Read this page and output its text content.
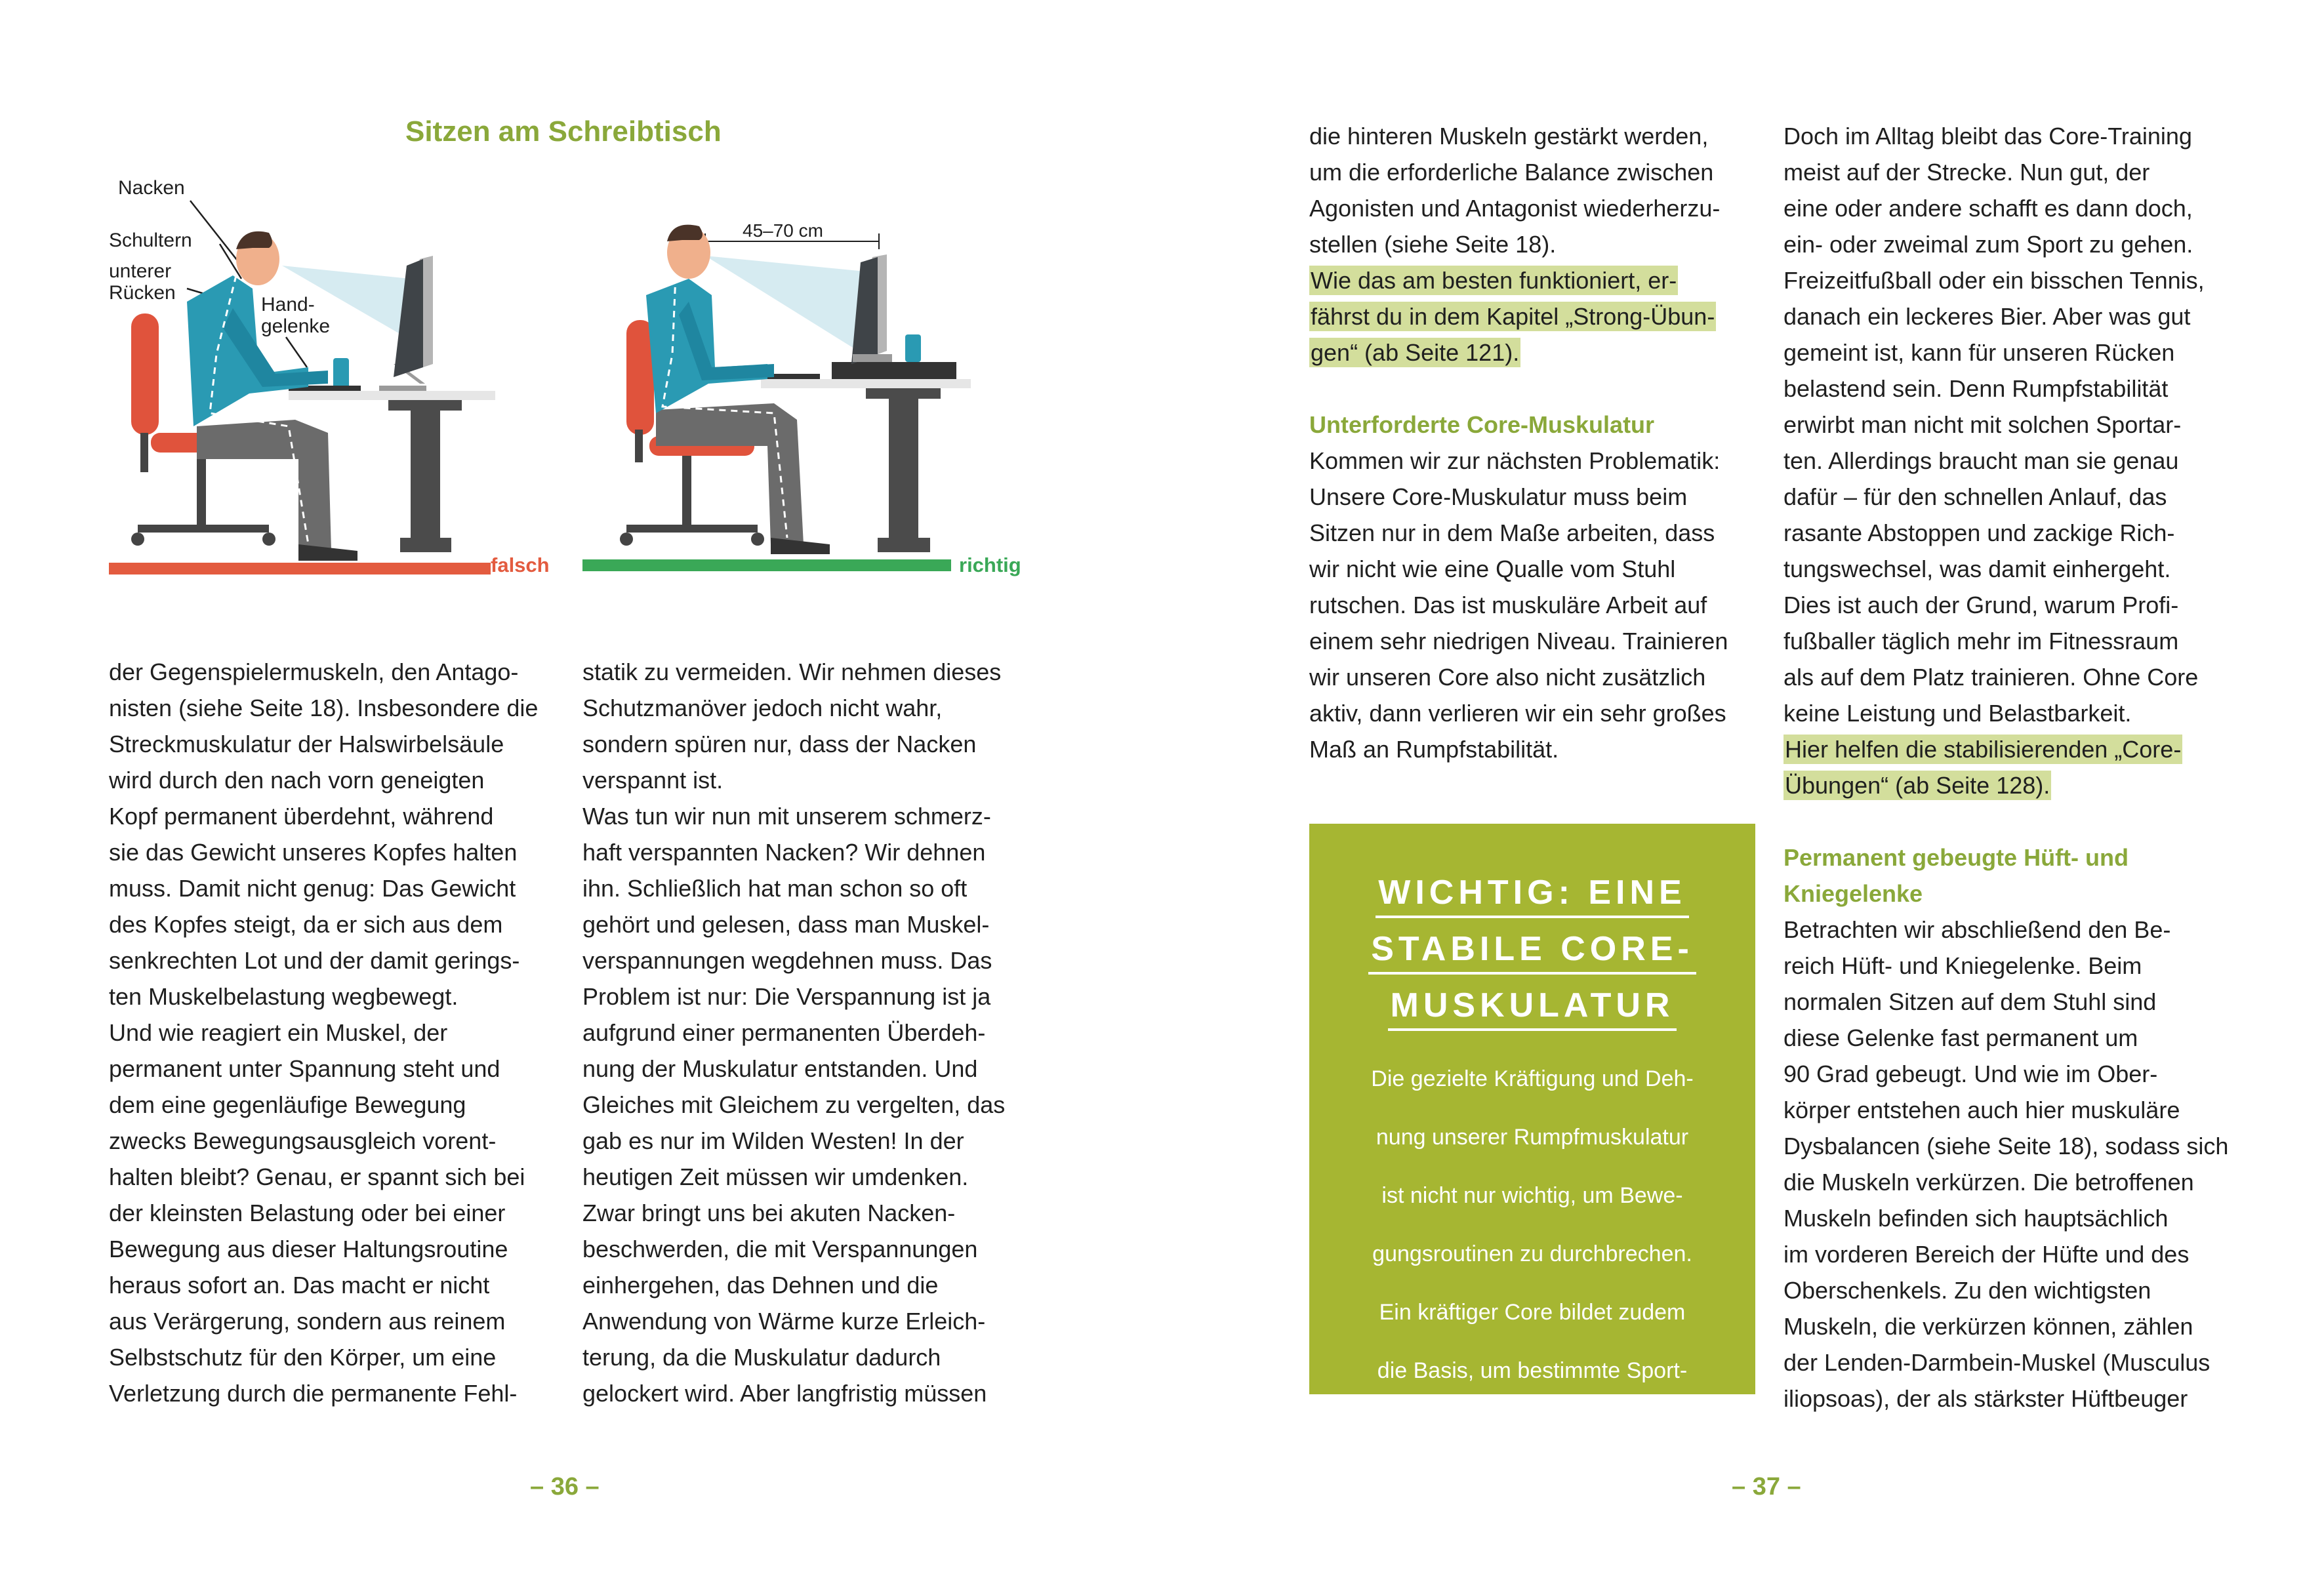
Sitzen am Schreibtisch
Nacken
Schultern
unterer
Rücken
Hand-
gelenke
45–70 cm
falsch	richtig

der Gegenspielermuskeln, den Antago-

nisten (siehe Seite 18). Insbesondere die

Streckmuskulatur der Halswirbelsäule

wird durch den nach vorn geneigten

Kopf permanent überdehnt, während

sie das Gewicht unseres Kopfes halten

muss. Damit nicht genug: Das Gewicht

des Kopfes steigt, da er sich aus dem

senkrechten Lot und der damit gerings-

ten Muskelbelastung wegbewegt.

Und wie reagiert ein Muskel, der

permanent unter Spannung steht und

dem eine gegenläufige Bewegung

zwecks Bewegungsausgleich vorent-

halten bleibt? Genau, er spannt sich bei

der kleinsten Belastung oder bei einer

Bewegung aus dieser Haltungsroutine

heraus sofort an. Das macht er nicht

aus Verärgerung, sondern aus reinem

Selbstschutz für den Körper, um eine

Verletzung durch die permanente Fehl-

statik zu vermeiden. Wir nehmen dieses

Schutzmanöver jedoch nicht wahr,

sondern spüren nur, dass der Nacken

verspannt ist.

Was tun wir nun mit unserem schmerz-

haft verspannten Nacken? Wir dehnen

ihn. Schließlich hat man schon so oft

gehört und gelesen, dass man Muskel-

verspannungen wegdehnen muss. Das

Problem ist nur: Die Verspannung ist ja

aufgrund einer permanenten Überdeh-

nung der Muskulatur entstanden. Und

Gleiches mit Gleichem zu vergelten, das

gab es nur im Wilden Westen! In der

heutigen Zeit müssen wir umdenken.

Zwar bringt uns bei akuten Nacken-

beschwerden, die mit Verspannungen

einhergehen, das Dehnen und die

Anwendung von Wärme kurze Erleich-

terung, da die Muskulatur dadurch

gelockert wird. Aber langfristig müssen

– 36 –

die hinteren Muskeln gestärkt werden,

um die erforderliche Balance zwischen

Agonisten und Antagonist wiederherzu-

stellen (siehe Seite 18).

Wie das am besten funktioniert, er-

fährst du in dem Kapitel „Strong-Übun-

gen“ (ab Seite 121).

Unterforderte Core-Muskulatur

Kommen wir zur nächsten Problematik:

Unsere Core-Muskulatur muss beim

Sitzen nur in dem Maße arbeiten, dass

wir nicht wie eine Qualle vom Stuhl

rutschen. Das ist muskuläre Arbeit auf

einem sehr niedrigen Niveau. Trainieren

wir unseren Core also nicht zusätzlich

aktiv, dann verlieren wir ein sehr großes

Maß an Rumpfstabilität.

WICHTIG: EINE
STABILE CORE-
MUSKULATUR

Die gezielte Kräftigung und Deh-

nung unserer Rumpfmuskulatur

ist nicht nur wichtig, um Bewe-

gungsroutinen zu durchbrechen.

Ein kräftiger Core bildet zudem

die Basis, um bestimmte Sport-

arten gesunderhaltend ausführen

zu können.

Doch im Alltag bleibt das Core-Training

meist auf der Strecke. Nun gut, der

eine oder andere schafft es dann doch,

ein- oder zweimal zum Sport zu gehen.

Freizeitfußball oder ein bisschen Tennis,

danach ein leckeres Bier. Aber was gut

gemeint ist, kann für unseren Rücken

belastend sein. Denn Rumpfstabilität

erwirbt man nicht mit solchen Sportar-

ten. Allerdings braucht man sie genau

dafür – für den schnellen Anlauf, das

rasante Abstoppen und zackige Rich-

tungswechsel, was damit einhergeht.

Dies ist auch der Grund, warum Profi-

fußballer täglich mehr im Fitnessraum

als auf dem Platz trainieren. Ohne Core

keine Leistung und Belastbarkeit.

Hier helfen die stabilisierenden „Core-

Übungen“ (ab Seite 128).

Permanent gebeugte Hüft- und

Kniegelenke

Betrachten wir abschließend den Be-

reich Hüft- und Kniegelenke. Beim

normalen Sitzen auf dem Stuhl sind

diese Gelenke fast permanent um

90 Grad gebeugt. Und wie im Ober-

körper entstehen auch hier muskuläre

Dysbalancen (siehe Seite 18), sodass sich

die Muskeln verkürzen. Die betroffenen

Muskeln befinden sich hauptsächlich

im vorderen Bereich der Hüfte und des

Oberschenkels. Zu den wichtigsten

Muskeln, die verkürzen können, zählen

der Lenden-Darmbein-Muskel (Musculus

iliopsoas), der als stärkster Hüftbeuger

– 37 –
